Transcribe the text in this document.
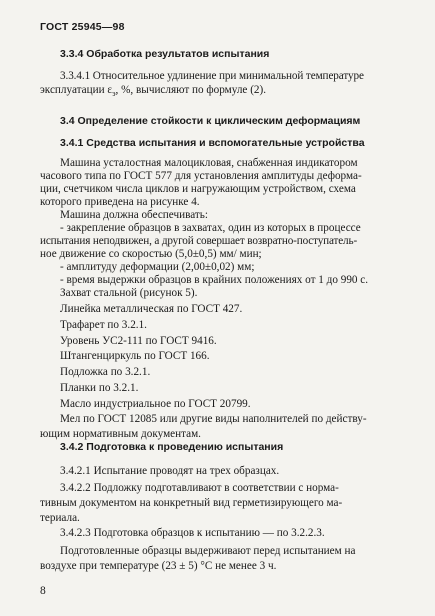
ГОСТ 25945—98
3.3.4 Обработка результатов испытания
3.3.4.1 Относительное удлинение при минимальной температуре
эксплуатации $\varepsilon_э$, %, вычисляют по формуле (2).
3.4 Определение стойкости к циклическим деформациям
3.4.1 Средства испытания и вспомогательные устройства
Машина усталостная малоцикловая, снабженная индикатором
часового типа по ГОСТ 577 для установления амплитуды деформа-
ции, счетчиком числа циклов и нагружающим устройством, схема
которого приведена на рисунке 4.
Машина должна обеспечивать:
- закрепление образцов в захватах, один из которых в процессе
испытания неподвижен, а другой совершает возвратно-поступатель-
ное движение со скоростью (5,0±0,5) мм/ мин;
- амплитуду деформации (2,00±0,02) мм;
- время выдержки образцов в крайних положениях от 1 до 990 с.
Захват стальной (рисунок 5).
Линейка металлическая по ГОСТ 427.
Трафарет по 3.2.1.
Уровень УС2-111 по ГОСТ 9416.
Штангенциркуль по ГОСТ 166.
Подложка по 3.2.1.
Планки по 3.2.1.
Масло индустриальное по ГОСТ 20799.
Мел по ГОСТ 12085 или другие виды наполнителей по действу-
ющим нормативным документам.
3.4.2 Подготовка к проведению испытания
3.4.2.1 Испытание проводят на трех образцах.
3.4.2.2 Подложку подготавливают в соответствии с норма-
тивным документом на конкретный вид герметизирующего ма-
териала.
3.4.2.3 Подготовка образцов к испытанию — по 3.2.2.3.
Подготовленные образцы выдерживают перед испытанием на
воздухе при температуре (23 ± 5) °С не менее 3 ч.
8
